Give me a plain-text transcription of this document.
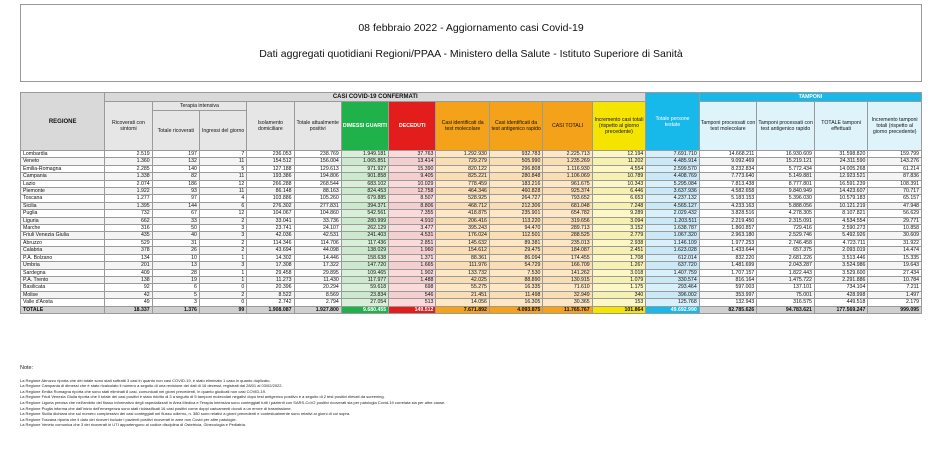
08 febbraio 2022 - Aggiornamento casi Covid-19
Dati aggregati quotidiani Regioni/PPAA - Ministero della Salute - Istituto Superiore di Sanità
REGIONE	CASI COVID-19 CONFERMATI											Totale persone testate	TAMPONI			
	Ricoverati con sintomi	Terapia intensiva		Isolamento domiciliare	Totale attualmente positivi	DIMESSI GUARITI	DECEDUTI	Casi identificati da test molecolare	Casi identificati da test antigenico rapido	CASI TOTALI	Incremento casi totali (rispetto al giorno precedente)		Tamponi processati con test molecolare	Tamponi processati con test antigenico rapido	TOTALE tamponi effettuati	Incremento tamponi totali (rispetto al giorno precedente)
		Totale ricoverati	Ingressi del giorno													
Lombardia	2.519	197	7	236.053	238.769	1.949.181	37.763	1.292.930	932.783	2.225.713	12.194	7.691.710	14.668.211	16.930.609	31.598.820	159.799
Veneto	1.360	132	11	154.512	156.004	1.065.851	13.414	729.279	505.990	1.235.269	11.202	4.485.914	9.092.469	15.219.121	24.311.590	143.276
Emilia-Romagna	2.285	140	5	127.188	129.613	971.927	15.390	820.122	296.808	1.116.930	4.554	2.599.570	8.232.834	5.772.434	14.005.268	61.214
Campania	1.338	82	11	193.386	194.806	901.858	9.405	825.221	280.848	1.106.069	10.789	4.408.769	7.773.640	5.149.881	12.923.521	87.836
Lazio	2.074	186	12	266.288	268.544	683.102	10.029	778.459	183.216	961.675	10.343	5.295.084	7.813.438	8.777.801	16.591.239	108.391
Piemonte	1.922	93	11	86.148	88.163	824.453	12.758	464.346	460.828	925.374	6.446	3.637.936	4.582.658	9.840.949	14.423.607	70.717
Toscana	1.277	97	4	103.886	105.260	679.885	8.507	528.925	264.727	793.652	6.653	4.237.132	5.183.153	5.396.030	10.579.183	65.157
Sicilia	1.395	144	6	276.302	277.831	394.371	8.806	468.712	212.306	681.048	7.248	4.565.127	4.233.163	5.888.056	10.121.219	47.948
Puglia	732	67	12	104.067	104.860	542.561	7.355	418.875	235.901	654.782	9.289	2.029.432	3.828.516	4.278.305	8.107.821	56.629
Liguria	662	33	2	33.041	33.736	280.999	4.910	206.416	113.220	319.656	3.094	1.203.511	2.219.450	2.315.091	4.534.554	29.771
Marche	316	50	3	23.741	24.107	262.129	3.477	395.243	94.470	289.713	3.152	1.638.787	1.860.857	729.416	2.590.273	10.858
Friuli Venezia Giulia	435	40	3	42.036	42.531	241.403	4.531	176.024	112.501	288.525	2.779	1.067.320	2.963.180	2.529.746	5.492.926	30.609
Abruzzo	529	31	2	114.346	114.706	117.436	2.851	145.632	89.381	235.013	2.938	1.146.109	1.977.253	2.746.458	4.723.711	31.922
Calabria	378	26	2	43.694	44.098	138.029	1.960	154.612	29.475	184.087	2.451	1.623.028	1.433.644	657.375	2.093.019	14.474
P.A. Bolzano	134	10	1	14.302	14.446	158.638	1.371	88.361	86.094	174.455	1.708	612.014	832.220	2.681.226	3.513.446	15.335
Umbria	201	13	3	17.308	17.322	147.720	1.665	111.976	54.729	166.709	1.267	637.720	1.481.699	2.043.287	3.524.986	19.643
Sardegna	409	28	1	29.458	29.895	109.465	1.902	133.732	7.530	141.262	3.018	1.407.759	1.707.157	1.822.443	3.529.600	27.434
P.A. Trento	138	19	1	11.273	11.430	117.977	1.488	42.025	88.890	130.915	1.079	330.574	816.164	1.475.722	2.291.886	10.784
Basilicata	92	6	0	20.396	20.294	59.618	698	55.275	16.335	71.610	1.175	293.464	597.003	137.101	734.104	7.211
Molise	42	5	2	8.522	8.569	23.834	546	21.451	11.498	32.949	340	396.002	353.997	75.001	428.998	1.497
Valle d'Aosta	49	3	0	2.742	2.794	27.054	513	14.056	16.305	30.365	153	125.768	132.943	316.575	449.518	2.179
TOTALE	18.337	1.376	99	1.908.087	1.927.800	9.680.455	149.512	7.671.892	4.093.875	11.765.767	101.864	49.692.990	82.785.626	94.783.621	177.569.247	999.095
Note:

La Regione Abruzzo riporta che dei totale sono stati sottratti 3 casi in quanto non casi COVID-19, è stato eliminato 1 caso in quanto duplicato.

La Regione Campania di dimessi che è stato ricalcolato il numero a seguito di una revisione dei dati di 16 decessi, registrati dal 28/01 al 03/02/2022.

La Regione Emilia Romagna riporta che sono stati eliminati 8 casi, comunicati nei giorni precedenti, in quanto giudicati non casi COVID-19.

La Regione Friuli Venezia Giulia riporta che il totale dei casi positivi è stato ridotto di 3 a seguito di 5 tamponi molecolari negativi dopo test antigenico positivo e a seguito di 2 test positivi rilevati da screening.

La Regione Liguria precisa che nell'ambito del flusso informativo degli ospedalizzati in Area Medica e Terapia Intensiva sono conteggiati tutti i pazienti con SARS-CoV2 positivi ricoverati sia per patologia Covid-19 correlata sia per altre cause.

La Regione Puglia informa che dall'inizio dell'emergenza sono stati riclassificati 16 casi positivi come doppi caricamenti dovuti a un errore di trasmissione.

La Regione Sicilia dichiara che sul numero complessivo dei casi conteggiati nel flusso odierno, n. 380 sono relativi a giorni precedenti e contestualmente sono relativi ai giorni di cui sopra.

La Regione Toscana riporta che il dato dei ricoveri include i pazienti positivi ricoverati in aree non Covid per altre patologie.

La Regione Veneto comunica che 3 dei ricoverati in UTI appartengono al codice disciplina di Ostetricia, Ginecologia e Pediatria.
